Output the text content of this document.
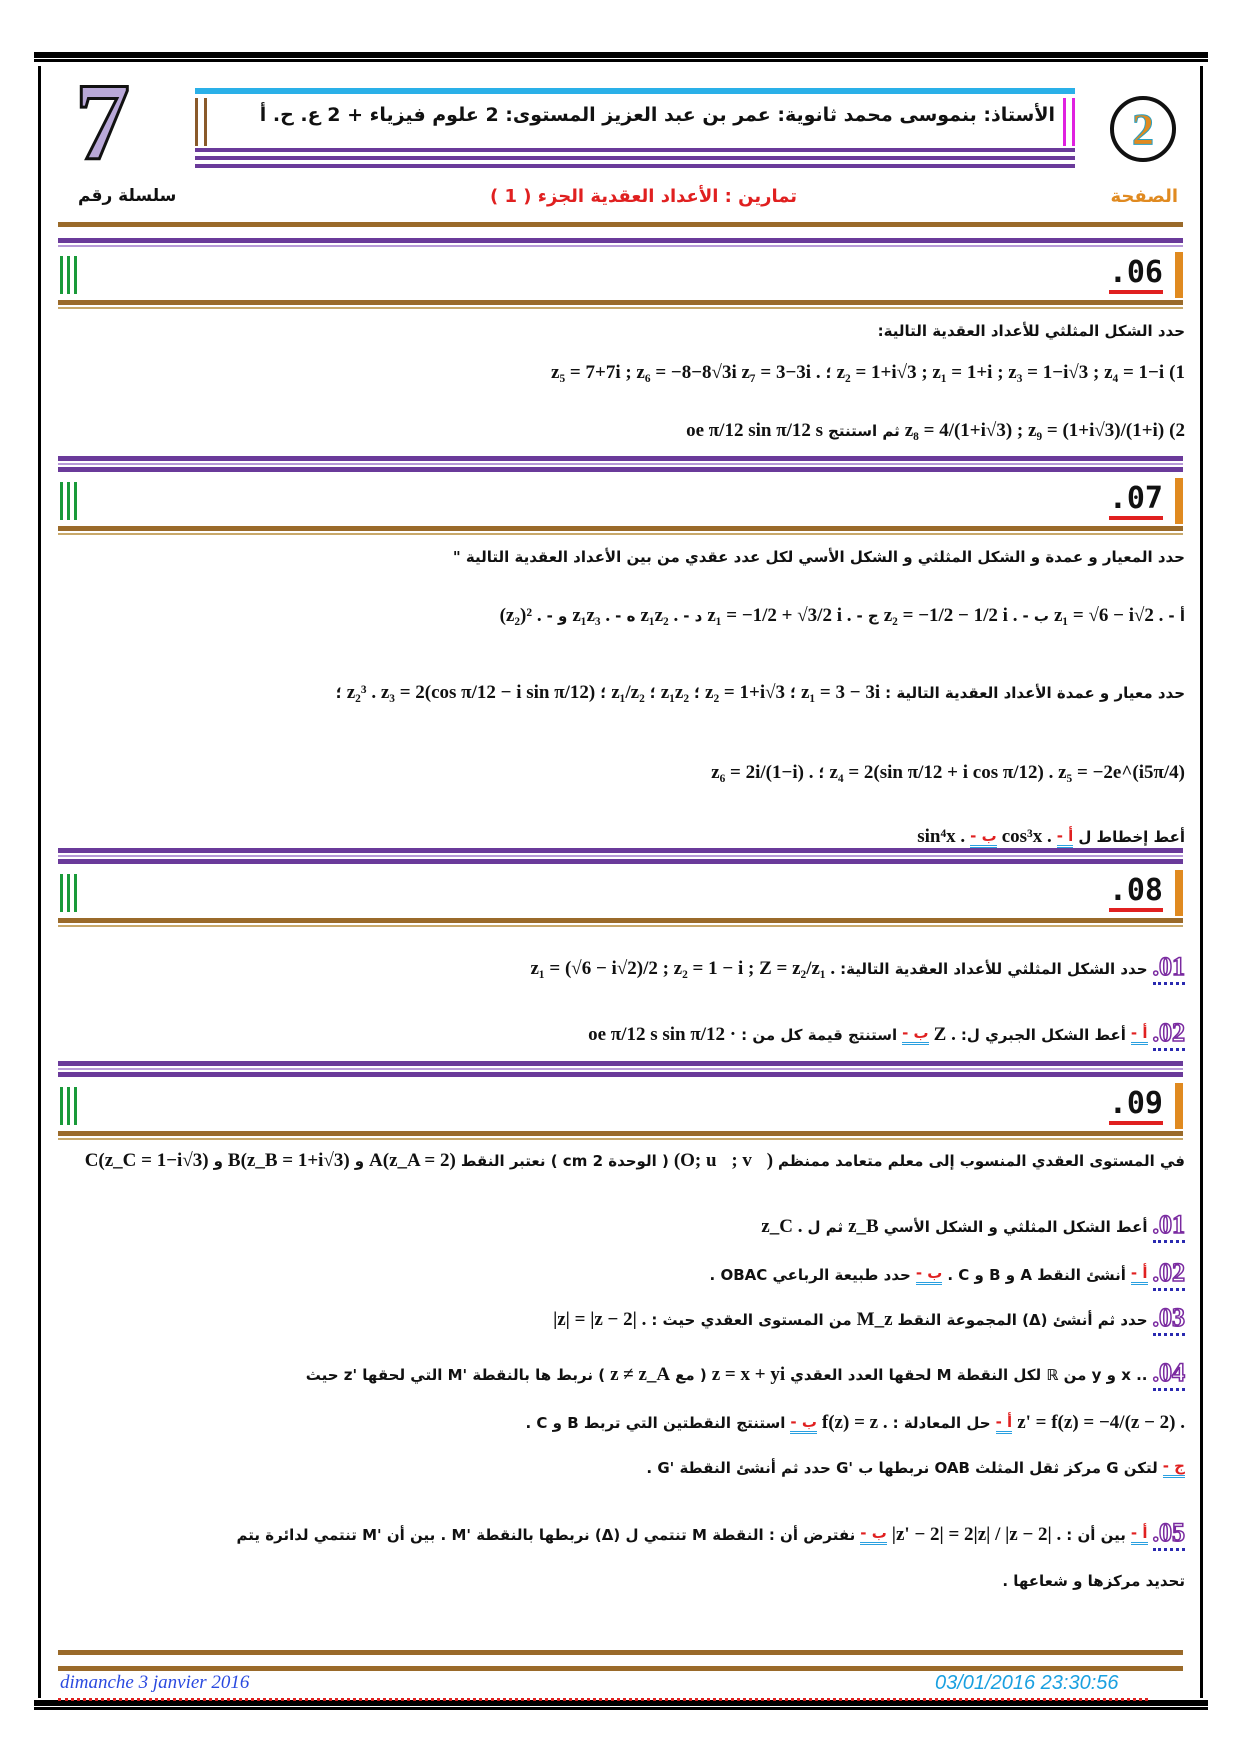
7	2
الأستاذ: بنموسى محمد ثانوية: عمر بن عبد العزيز المستوى: 2 علوم فيزياء + 2 ع. ح. أ
الصفحة
تمارين : الأعداد العقدية الجزء ( 1 )
سلسلة رقم
.06
حدد الشكل المثلثي للأعداد العقدية التالية:
(1
z₂ = 1+i√3 ; z₁ = 1+i ; z₃ = 1−i√3 ; z₄ = 1−i
؛
z₅ = 7+7i ; z₆ = −8−8√3i z₇ = 3−3i .
(2
z₈ = 4/(1+i√3) ; z₉ = (1+i√3)/(1+i)
ثم استنتج
oe π/12 sin π/12 s
.07
حدد المعيار و عمدة و الشكل المثلثي و الشكل الأسي لكل عدد عقدي من بين الأعداد العقدية التالية "
أ -
z₁ = √6 − i√2 .
ب -
z₂ = −1/2 − 1/2 i .
ج -
z₁ = −1/2 + √3/2 i .
د -
z₁z₂ .
ه -
z₁z₃ .
و -
(z₂)² .
حدد معيار و عمدة الأعداد العقدية التالية :
z₁ = 3 − 3i
؛
z₂ = 1+i√3
؛
z₁z₂
؛
z₁/z₂
؛
z₂³ . z₃ = 2(cos π/12 − i sin π/12)
؛
z₄ = 2(sin π/12 + i cos π/12) . z₅ = −2e^(i5π/4)
؛
z₆ = 2i/(1−i) .
أعط إخطاط ل
أ -
cos³x .
ب -
sin⁴x .
.08
.01
حدد الشكل المثلثي للأعداد العقدية التالية:
z₁ = (√6 − i√2)/2 ; z₂ = 1 − i ; Z = z₂/z₁ .
.02
أ -
أعط الشكل الجبري ل:
Z .
ب -
استنتج قيمة كل من :
oe π/12 s sin π/12 ·
.09
في المستوى العقدي المنسوب إلى معلم متعامد ممنظم
(O; u⃗; v⃗)
( الوحدة 2 cm ) نعتبر النقط
A(z_A = 2)
و
B(z_B = 1+i√3)
و
C(z_C = 1−i√3)
.01
أعط الشكل المثلثي و الشكل الأسي
z_B
ثم ل
z_C .
.02
أ -
أنشئ النقط A و B و C .
ب -
حدد طبيعة الرباعي OBAC .
.03
حدد ثم أنشئ (Δ) المجموعة النقط
M_z
من المستوى العقدي حيث :
|z| = |z − 2| .
.04
.. x و y من ℝ لكل النقطة M لحقها العدد العقدي
z = x + yi
( مع
z ≠ z_A
) نربط ها بالنقطة 'M التي لحقها 'z حيث
z' = f(z) = −4/(z − 2) .
أ -
حل المعادلة :
f(z) = z .
ب -
استنتج النقطتين التي تربط B و C .
ج -
لتكن G مركز ثقل المثلث OAB نربطها ب 'G حدد ثم أنشئ النقطة 'G .
.05
أ -
بين أن :
|z' − 2| = 2|z| / |z − 2| .
ب -
نفترض أن : النقطة M تنتمي ل (Δ) نربطها بالنقطة 'M . بين أن 'M تنتمي لدائرة يتم
تحديد مركزها و شعاعها .
dimanche 3 janvier 2016	03/01/2016 23:30:56
